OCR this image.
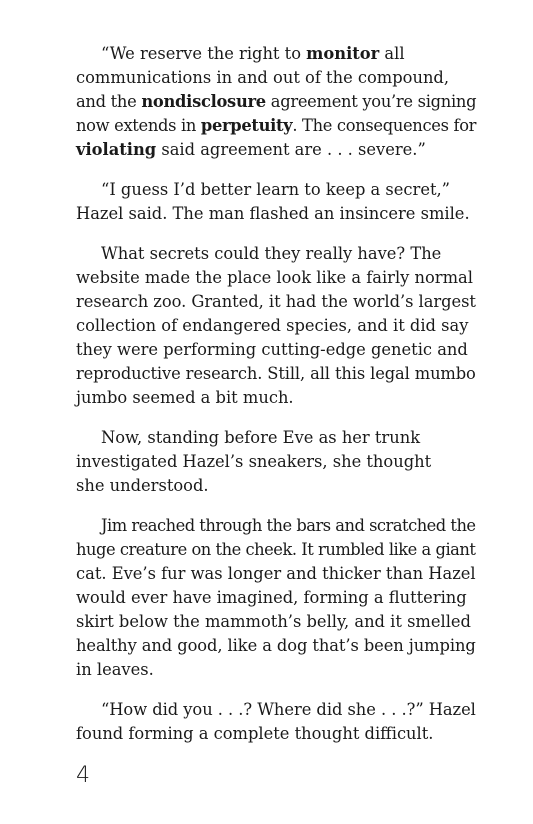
“We reserve the right to monitor all
communications in and out of the compound,
and the nondisclosure agreement you’re signing
now extends in perpetuity. The consequences for
violating said agreement are . . . severe.”

“I guess I’d better learn to keep a secret,”
Hazel said. The man flashed an insincere smile.

What secrets could they really have? The
website made the place look like a fairly normal
research zoo. Granted, it had the world’s largest
collection of endangered species, and it did say
they were performing cutting-edge genetic and
reproductive research. Still, all this legal mumbo
jumbo seemed a bit much.

Now, standing before Eve as her trunk
investigated Hazel’s sneakers, she thought
she understood.

Jim reached through the bars and scratched the
huge creature on the cheek. It rumbled like a giant
cat. Eve’s fur was longer and thicker than Hazel
would ever have imagined, forming a fluttering
skirt below the mammoth’s belly, and it smelled
healthy and good, like a dog that’s been jumping
in leaves.

“How did you . . .? Where did she . . .?” Hazel
found forming a complete thought difficult.

4
